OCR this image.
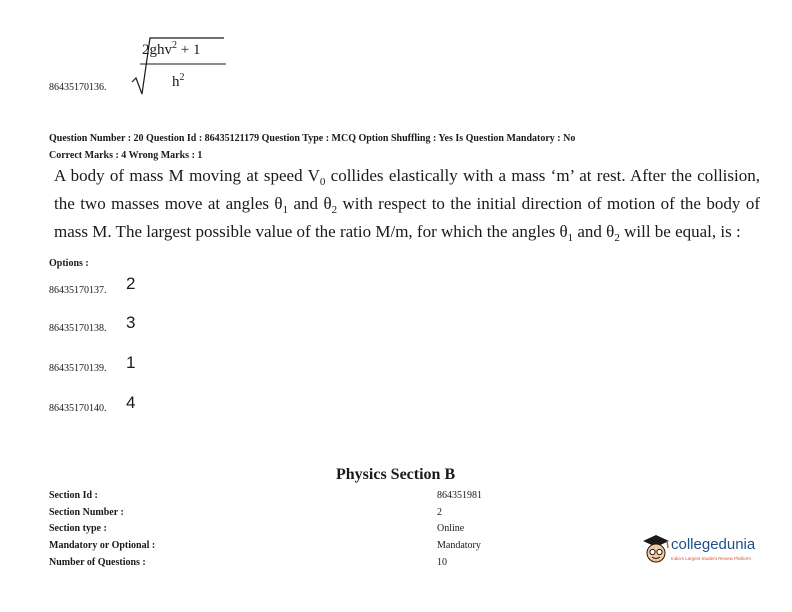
86435170136.
2ghv$^2$ + 1
$h^2$
Question Number : 20 Question Id : 86435121179 Question Type : MCQ Option Shuffling : Yes Is Question Mandatory : No
Correct Marks : 4 Wrong Marks : 1
A body of mass M moving at speed $V_0$ collides elastically with a mass ‘m’ at rest. After the collision, the two masses move at angles $\theta_1$ and $\theta_2$ with respect to the initial direction of motion of the body of mass M. The largest possible value of the ratio M/m, for which the angles $\theta_1$ and $\theta_2$ will be equal, is :
Options :
86435170137. 2
86435170138. 3
86435170139. 1
86435170140. 4
Physics Section B
Section Id :	864351981
Section Number :	2
Section type :	Online
Mandatory or Optional :	Mandatory
Number of Questions :	10
collegedunia
India's Largest Student Review Platform
